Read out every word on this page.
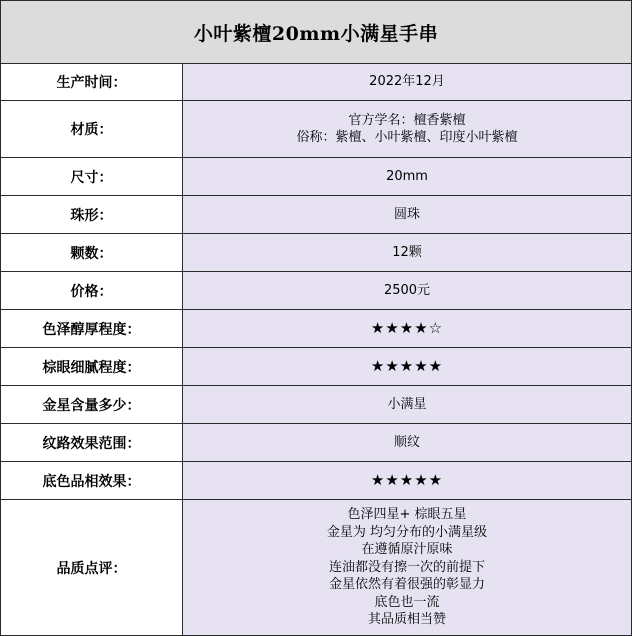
小叶紫檀20mm小满星手串
生产时间：	2022年12月
材质：
官方学名：檀香紫檀
俗称：紫檀、小叶紫檀、印度小叶紫檀
尺寸：	20mm
珠形：	圆珠
颗数：	12颗
价格：	2500元
色泽醇厚程度：	★★★★☆
棕眼细腻程度：	★★★★★
金星含量多少：	小满星
纹路效果范围：	顺纹
底色品相效果：	★★★★★
品质点评：
色泽四星+ 棕眼五星
金星为 均匀分布的小满星级
在遵循原汁原味
连油都没有擦一次的前提下
金星依然有着很强的彰显力
底色也一流
其品质相当赞
